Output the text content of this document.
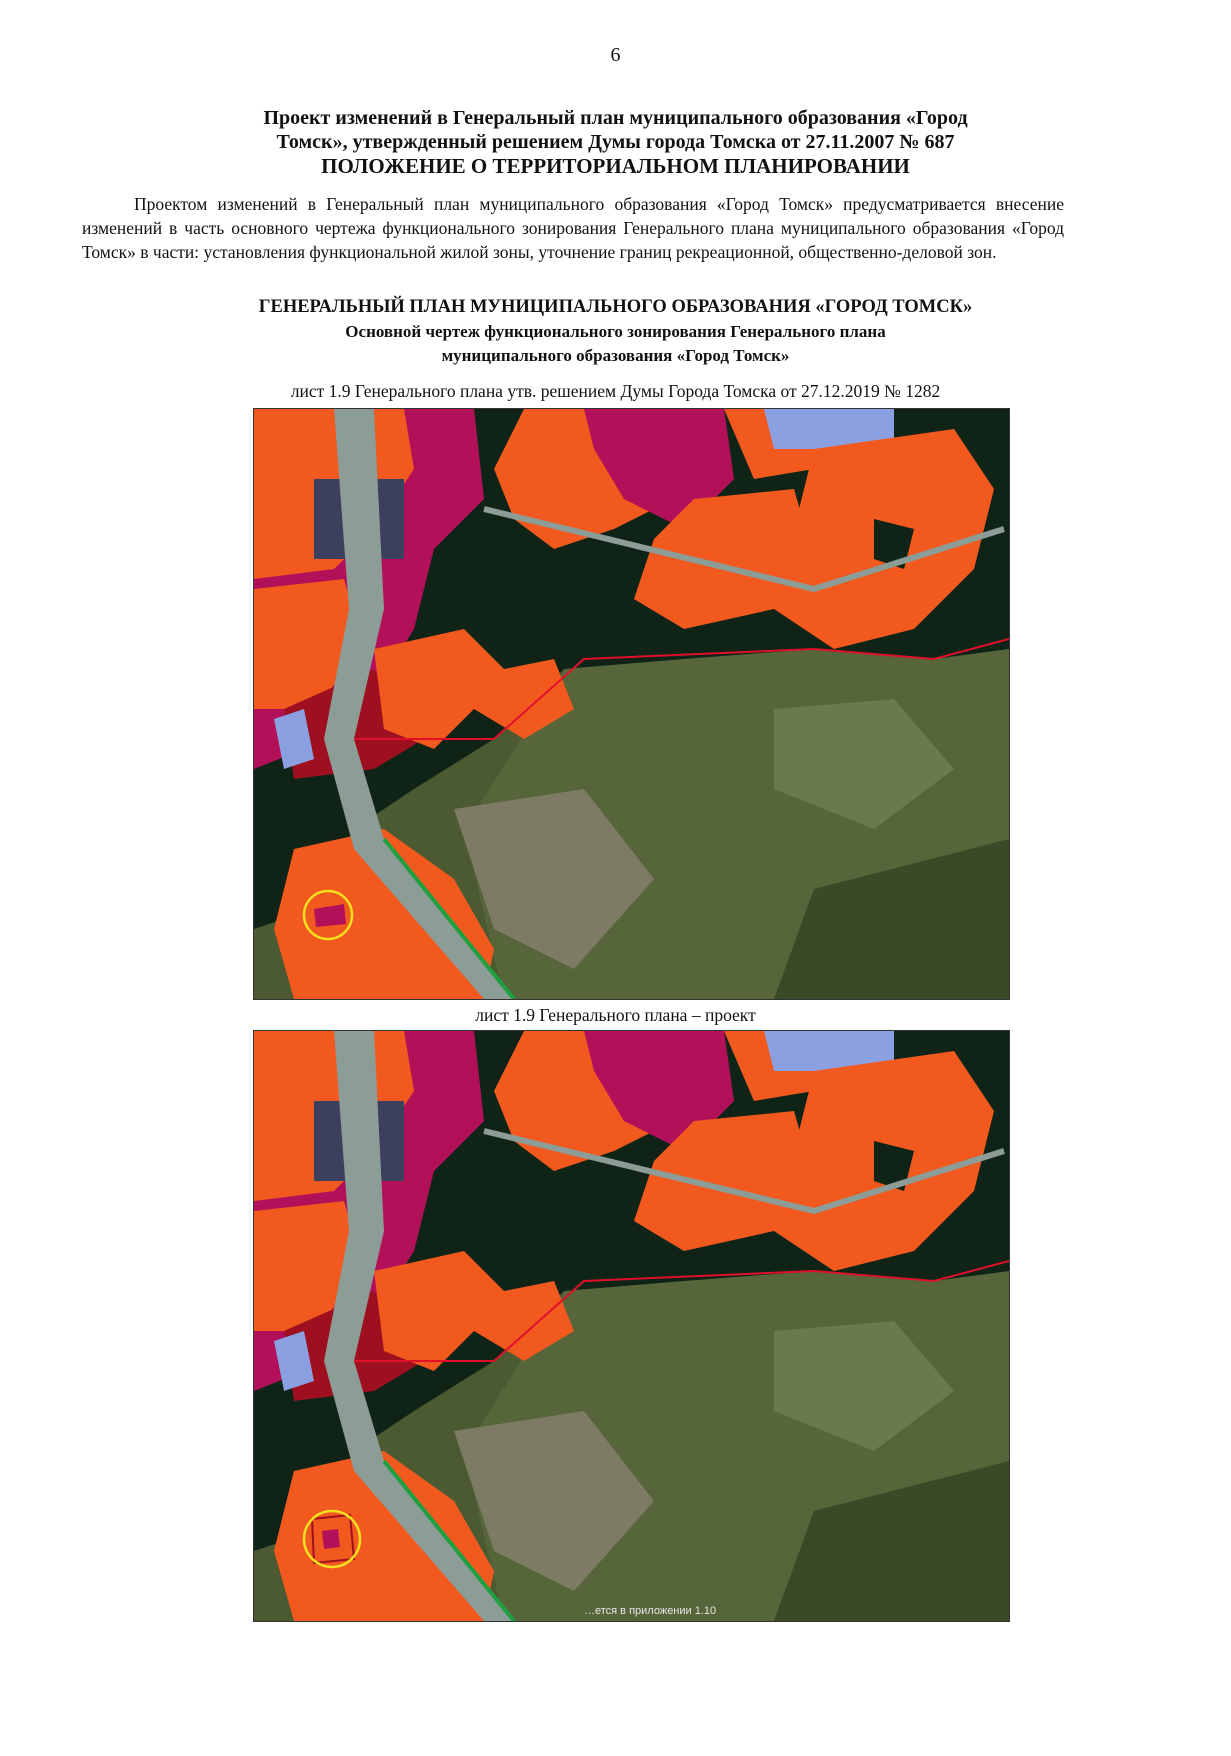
6
Проект изменений в Генеральный план муниципального образования «Город
Томск», утвержденный решением Думы города Томска от 27.11.2007 № 687
ПОЛОЖЕНИЕ О ТЕРРИТОРИАЛЬНОМ ПЛАНИРОВАНИИ
Проектом изменений в Генеральный план муниципального образования «Город Томск» предусматривается внесение изменений в часть основного чертежа функционального зонирования Генерального плана муниципального образования «Город Томск» в части: установления функциональной жилой зоны, уточнение границ рекреационной, общественно-деловой зон.
ГЕНЕРАЛЬНЫЙ ПЛАН МУНИЦИПАЛЬНОГО ОБРАЗОВАНИЯ «ГОРОД ТОМСК»
Основной чертеж функционального зонирования Генерального плана
муниципального образования «Город Томск»
лист 1.9 Генерального плана утв. решением Думы Города Томска от 27.12.2019 № 1282
лист 1.9 Генерального плана – проект
…ется в приложении 1.10
